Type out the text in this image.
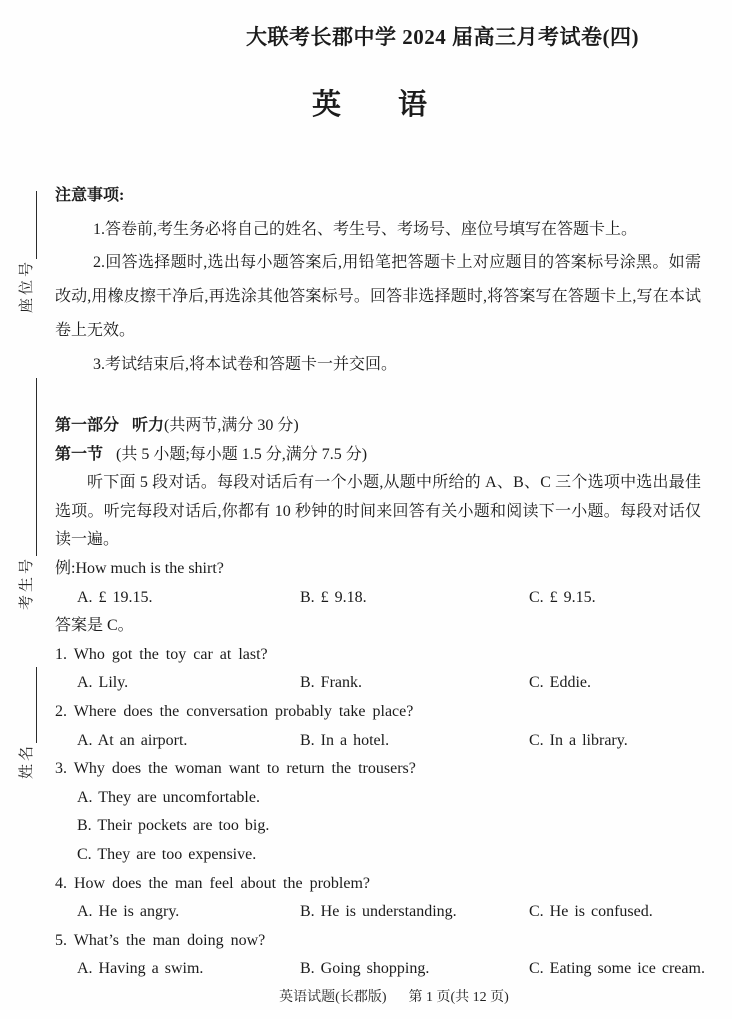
座位号
考生号
姓名
大联考长郡中学 2024 届高三月考试卷(四)
英语

注意事项:

1.答卷前,考生务必将自己的姓名、考生号、考场号、座位号填写在答题卡上。

2.回答选择题时,选出每小题答案后,用铅笔把答题卡上对应题目的答案标号涂黑。如需改动,用橡皮擦干净后,再选涂其他答案标号。回答非选择题时,将答案写在答题卡上,写在本试卷上无效。

3.考试结束后,将本试卷和答题卡一并交回。

第一部分 听力(共两节,满分 30 分)

第一节 (共 5 小题;每小题 1.5 分,满分 7.5 分)

听下面 5 段对话。每段对话后有一个小题,从题中所给的 A、B、C 三个选项中选出最佳选项。听完每段对话后,你都有 10 秒钟的时间来回答有关小题和阅读下一小题。每段对话仅读一遍。

例:How much is the shirt?

A. £ 19.15.	B. £ 9.18.	C. £ 9.15.

答案是 C。

1. Who got the toy car at last?

A. Lily.	B. Frank.	C. Eddie.

2. Where does the conversation probably take place?

A. At an airport.	B. In a hotel.	C. In a library.

3. Why does the woman want to return the trousers?

A. They are uncomfortable.
B. Their pockets are too big.
C. They are too expensive.

4. How does the man feel about the problem?

A. He is angry.	B. He is understanding.	C. He is confused.

5. What’s the man doing now?

A. Having a swim.	B. Going shopping.	C. Eating some ice cream.
英语试题(长郡版) 第 1 页(共 12 页)
